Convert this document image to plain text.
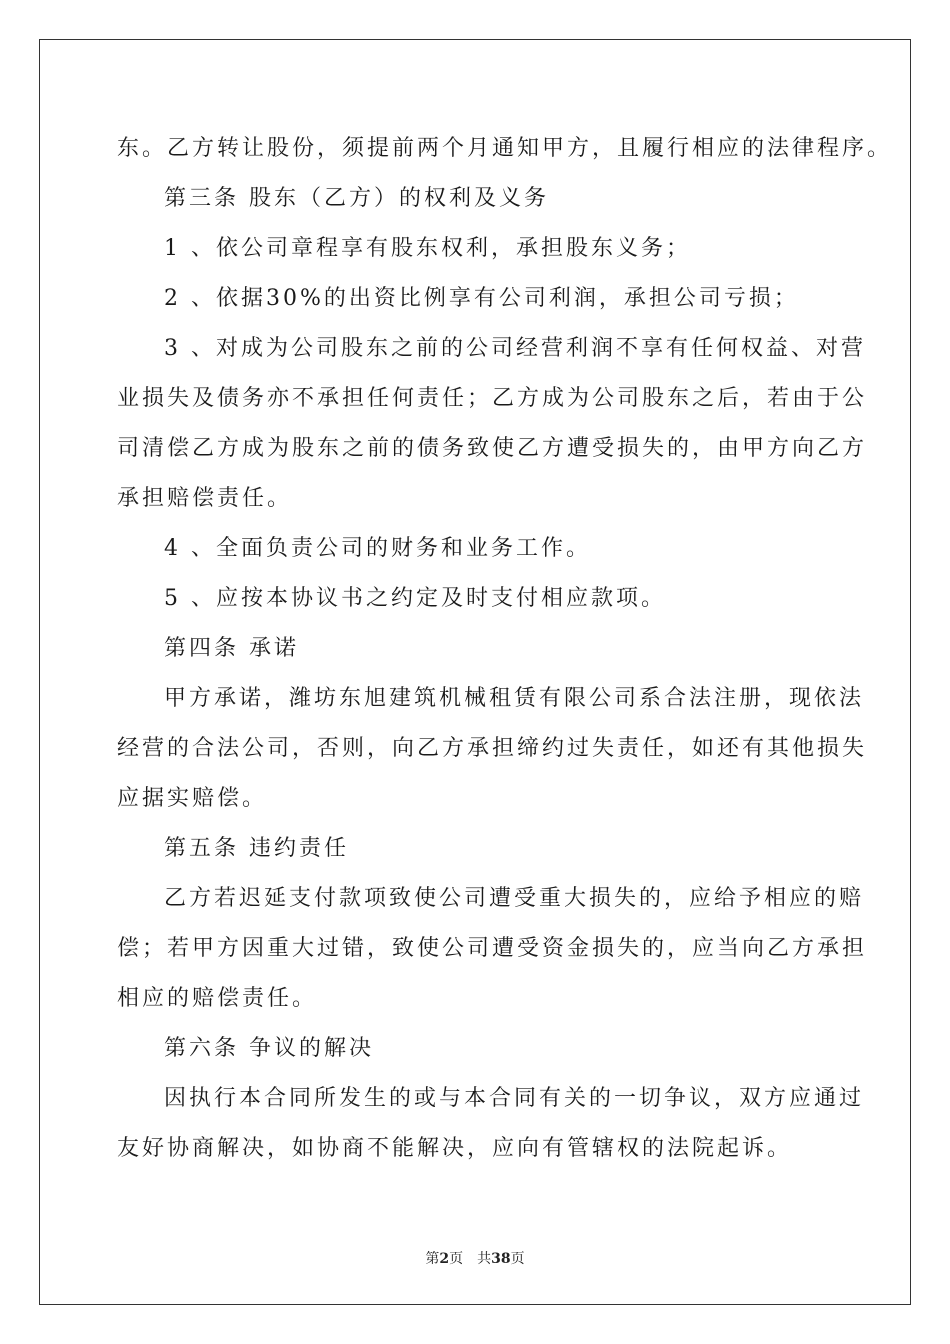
东。乙方转让股份，须提前两个月通知甲方，且履行相应的法律程序。
第三条 股东（乙方）的权利及义务
1 、依公司章程享有股东权利，承担股东义务；
2 、依据30%的出资比例享有公司利润，承担公司亏损；
3 、对成为公司股东之前的公司经营利润不享有任何权益、对营
业损失及债务亦不承担任何责任；乙方成为公司股东之后，若由于公
司清偿乙方成为股东之前的债务致使乙方遭受损失的，由甲方向乙方
承担赔偿责任。
4 、全面负责公司的财务和业务工作。
5 、应按本协议书之约定及时支付相应款项。
第四条 承诺
甲方承诺，潍坊东旭建筑机械租赁有限公司系合法注册，现依法
经营的合法公司，否则，向乙方承担缔约过失责任，如还有其他损失
应据实赔偿。
第五条 违约责任
乙方若迟延支付款项致使公司遭受重大损失的，应给予相应的赔
偿；若甲方因重大过错，致使公司遭受资金损失的，应当向乙方承担
相应的赔偿责任。
第六条 争议的解决
因执行本合同所发生的或与本合同有关的一切争议，双方应通过
友好协商解决，如协商不能解决，应向有管辖权的法院起诉。
第2页 共38页
